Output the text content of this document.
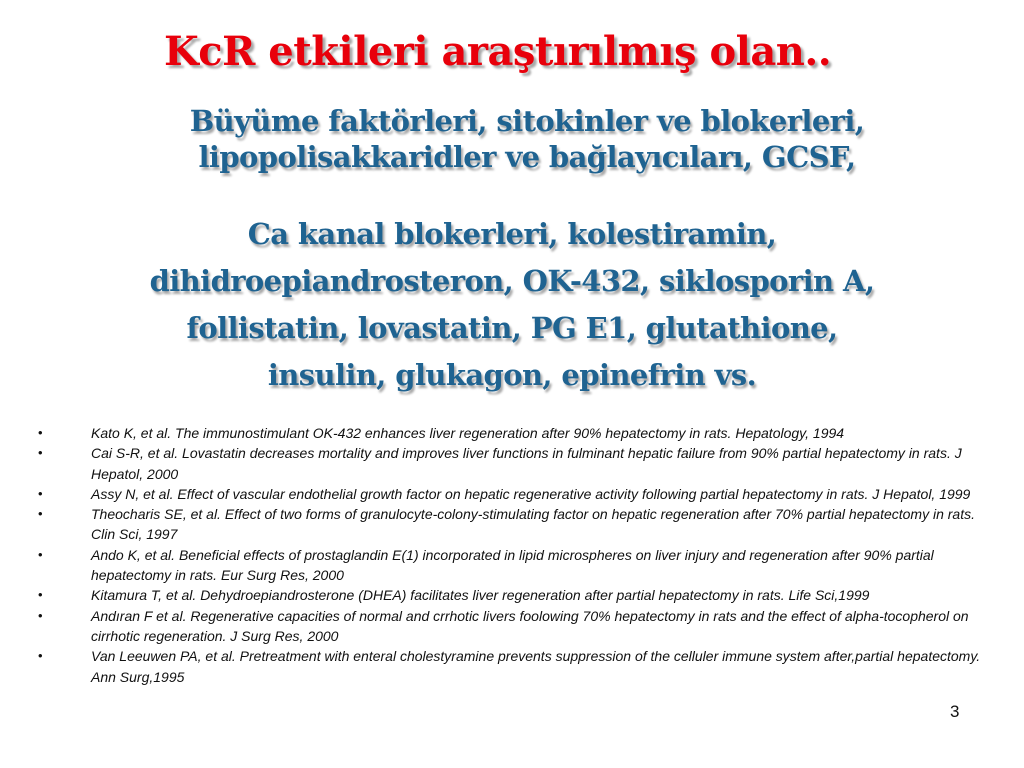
KcR etkileri araştırılmış olan..
Büyüme faktörleri, sitokinler ve blokerleri,
lipopolisakkaridler ve bağlayıcıları, GCSF,
Ca kanal blokerleri, kolestiramin,
dihidroepiandrosteron, OK-432, siklosporin A,
follistatin, lovastatin, PG E1, glutathione,
insulin, glukagon, epinefrin vs.
•	Kato K, et al. The immunostimulant OK-432 enhances liver regeneration after 90% hepatectomy in rats. Hepatology, 1994
•	Cai S-R, et al. Lovastatin decreases mortality and improves liver functions in fulminant hepatic failure from 90% partial hepatectomy in rats. J Hepatol, 2000
•	Assy N, et al. Effect of vascular endothelial growth factor on hepatic regenerative activity following partial hepatectomy in rats. J Hepatol, 1999
•	Theocharis SE, et al. Effect of two forms of granulocyte-colony-stimulating factor on hepatic regeneration after 70% partial hepatectomy in rats. Clin Sci, 1997
•	Ando K, et al. Beneficial effects of prostaglandin E(1) incorporated in lipid microspheres on liver injury and regeneration after 90% partial hepatectomy in rats. Eur Surg Res, 2000
•	Kitamura T, et al. Dehydroepiandrosterone (DHEA) facilitates liver regeneration after partial hepatectomy in rats. Life Sci,1999
•	Andıran F et al. Regenerative capacities of normal and crrhotic livers foolowing 70% hepatectomy in rats and the effect of alpha-tocopherol on cirrhotic regeneration. J Surg Res, 2000
•	Van Leeuwen PA, et al. Pretreatment with enteral cholestyramine prevents suppression of the celluler immune system after,partial hepatectomy. Ann Surg,1995
3
